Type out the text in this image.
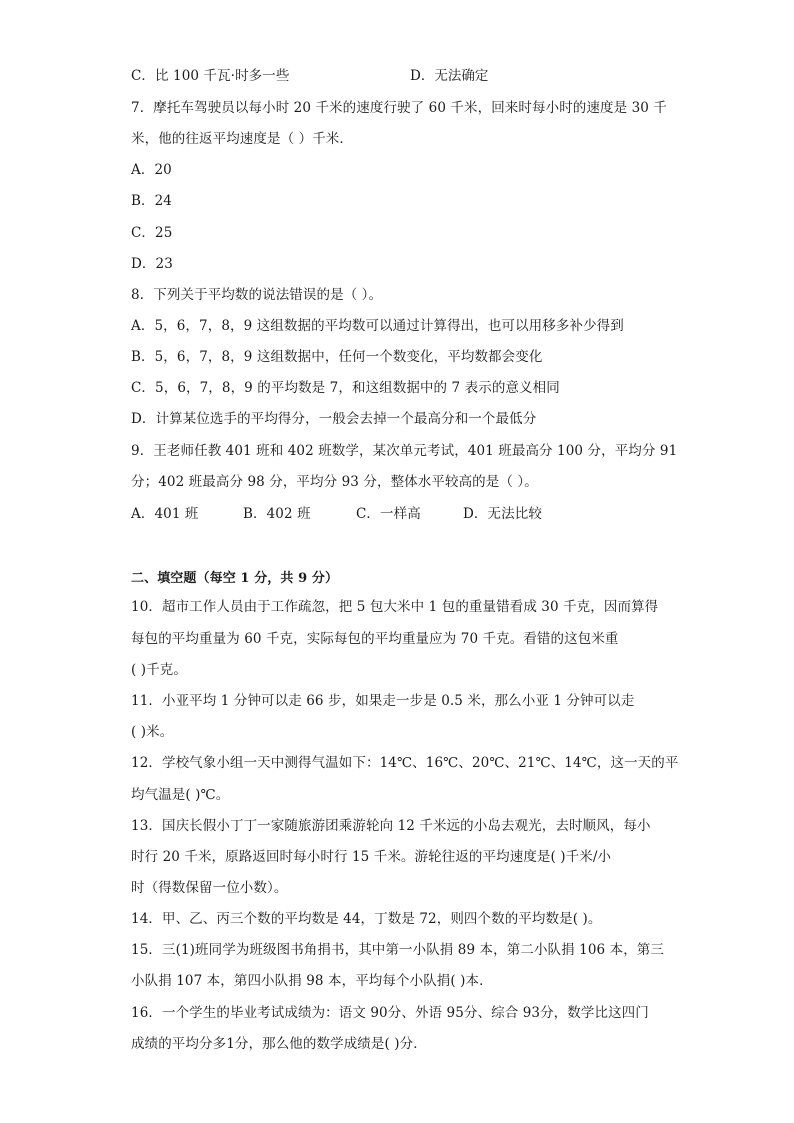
C．比 100 千瓦·时多一些	D．无法确定
7．摩托车驾驶员以每小时 20 千米的速度行驶了 60 千米，回来时每小时的速度是 30 千
米，他的往返平均速度是（ ）千米．
A．20
B．24
C．25
D．23
8．下列关于平均数的说法错误的是（ ）。
A．5，6，7，8，9 这组数据的平均数可以通过计算得出，也可以用移多补少得到
B．5，6，7，8，9 这组数据中，任何一个数变化，平均数都会变化
C．5，6，7，8，9 的平均数是 7，和这组数据中的 7 表示的意义相同
D．计算某位选手的平均得分，一般会去掉一个最高分和一个最低分
9．王老师任教 401 班和 402 班数学，某次单元考试，401 班最高分 100 分，平均分 91
分；402 班最高分 98 分，平均分 93 分，整体水平较高的是（ ）。
A．401 班	B．402 班	C．一样高	D．无法比较
二、填空题（每空 1 分，共 9 分）
10．超市工作人员由于工作疏忽，把 5 包大米中 1 包的重量错看成 30 千克，因而算得
每包的平均重量为 60 千克，实际每包的平均重量应为 70 千克。看错的这包米重
( )千克。
11．小亚平均 1 分钟可以走 66 步，如果走一步是 0.5 米，那么小亚 1 分钟可以走
( )米。
12．学校气象小组一天中测得气温如下：14℃、16℃、20℃、21℃、14℃，这一天的平
均气温是( )℃。
13．国庆长假小丁丁一家随旅游团乘游轮向 12 千米远的小岛去观光，去时顺风，每小
时行 20 千米，原路返回时每小时行 15 千米。游轮往返的平均速度是( )千米/小
时（得数保留一位小数）。
14．甲、乙、丙三个数的平均数是 44，丁数是 72，则四个数的平均数是( )。
15．三(1)班同学为班级图书角捐书，其中第一小队捐 89 本，第二小队捐 106 本，第三
小队捐 107 本，第四小队捐 98 本，平均每个小队捐( )本．
16．一个学生的毕业考试成绩为：语文 90分、外语 95分、综合 93分，数学比这四门
成绩的平均分多1分，那么他的数学成绩是( )分．
